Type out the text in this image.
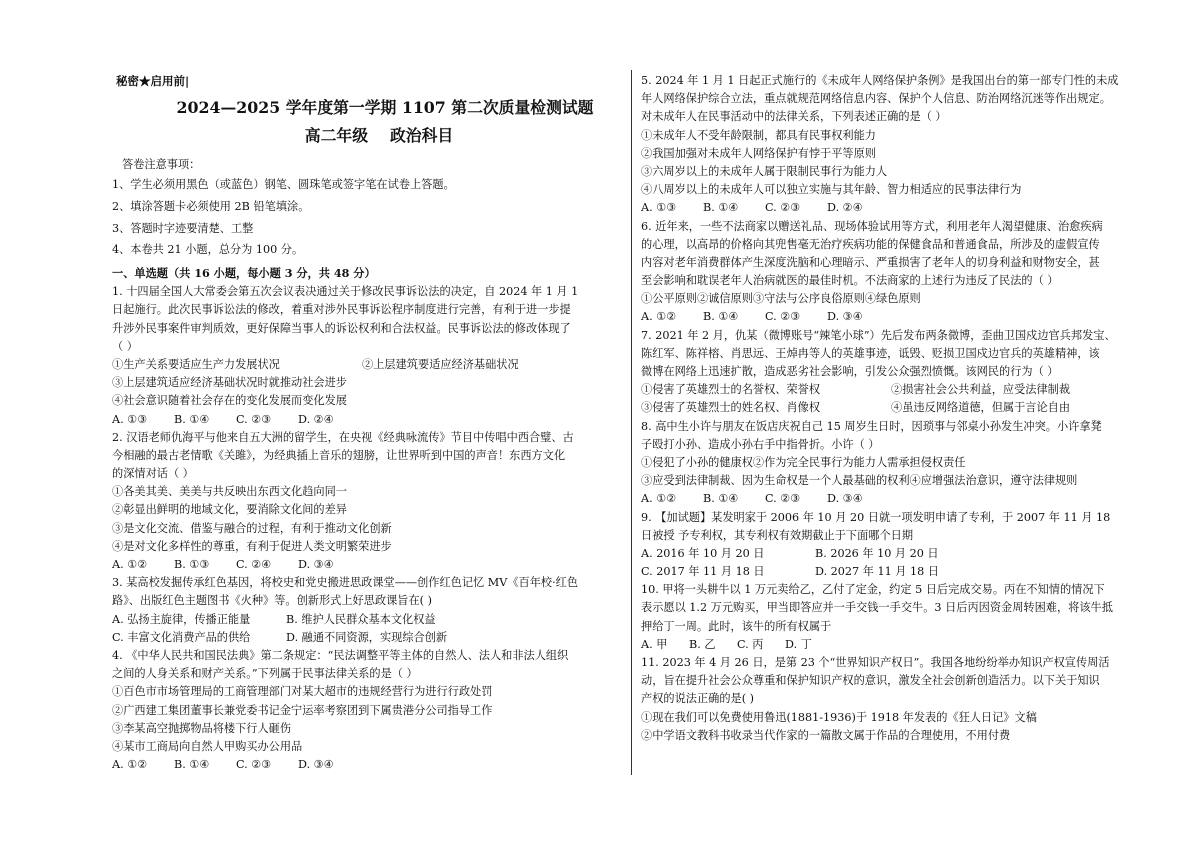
秘密★启用前|
2024—2025 学年度第一学期 1107 第二次质量检测试题
高二年级 政治科目
答卷注意事项：
1、学生必须用黑色（或蓝色）钢笔、圆珠笔或签字笔在试卷上答题。
2、填涂答题卡必须使用 2B 铅笔填涂。
3、答题时字迹要清楚、工整
4、本卷共 21 小题，总分为 100 分。
一、单选题（共 16 小题，每小题 3 分，共 48 分）
1. 十四届全国人大常委会第五次会议表决通过关于修改民事诉讼法的决定，自 2024 年 1 月 1
日起施行。此次民事诉讼法的修改，着重对涉外民事诉讼程序制度进行完善，有利于进一步提
升涉外民事案件审判质效，更好保障当事人的诉讼权利和合法权益。民事诉讼法的修改体现了
（ ）
①生产关系要适应生产力发展状况	②上层建筑要适应经济基础状况
③上层建筑适应经济基础状况时就推动社会进步
④社会意识随着社会存在的变化发展而变化发展
A. ①③	B. ①④	C. ②③	D. ②④
2. 汉语老师仇海平与他来自五大洲的留学生，在央视《经典咏流传》节目中传唱中西合璧、古
今相融的最古老情歌《关雎》，为经典插上音乐的翅膀，让世界听到中国的声音！东西方文化
的深情对话（ ）
①各美其美、美美与共反映出东西文化趋向同一
②彰显出鲜明的地域文化，要消除文化间的差异
③是文化交流、借鉴与融合的过程，有利于推动文化创新
④是对文化多样性的尊重，有利于促进人类文明繁荣进步
A. ①②	B. ①③	C. ②④	D. ③④
3. 某高校发掘传承红色基因，将校史和党史搬进思政课堂——创作红色记忆 MV《百年校·红色
路》、出版红色主题图书《火种》等。创新形式上好思政课旨在( )
A. 弘扬主旋律，传播正能量	B. 维护人民群众基本文化权益
C. 丰富文化消费产品的供给	D. 融通不同资源，实现综合创新
4. 《中华人民共和国民法典》第二条规定：“民法调整平等主体的自然人、法人和非法人组织
之间的人身关系和财产关系。”下列属于民事法律关系的是（ ）
①百色市市场管理局的工商管理部门对某大超市的违规经营行为进行行政处罚
②广西建工集团董事长兼党委书记金宁运率考察团到下属贵港分公司指导工作
③李某高空抛掷物品将楼下行人砸伤
④某市工商局向自然人甲购买办公用品
A. ①②	B. ①④	C. ②③	D. ③④
5. 2024 年 1 月 1 日起正式施行的《未成年人网络保护条例》是我国出台的第一部专门性的未成
年人网络保护综合立法，重点就规范网络信息内容、保护个人信息、防治网络沉迷等作出规定。
对未成年人在民事活动中的法律关系，下列表述正确的是（ ）
①未成年人不受年龄限制，都具有民事权利能力
②我国加强对未成年人网络保护有悖于平等原则
③六周岁以上的未成年人属于限制民事行为能力人
④八周岁以上的未成年人可以独立实施与其年龄、智力相适应的民事法律行为
A. ①③	B. ①④	C. ②③	D. ②④
6. 近年来，一些不法商家以赠送礼品、现场体验试用等方式，利用老年人渴望健康、治愈疾病
的心理，以高昂的价格向其兜售毫无治疗疾病功能的保健食品和普通食品，所涉及的虚假宣传
内容对老年消费群体产生深度洗脑和心理暗示、严重损害了老年人的切身利益和财物安全，甚
至会影响和耽误老年人治病就医的最佳时机。不法商家的上述行为违反了民法的（ ）
①公平原则②诚信原则③守法与公序良俗原则④绿色原则
A. ①②	B. ①④	C. ②③	D. ③④
7. 2021 年 2 月，仇某（微博账号“辣笔小球”）先后发布两条微博，歪曲卫国戍边官兵邦发宝、
陈红军、陈祥榕、肖思远、王焯冉等人的英雄事迹，诋毁、贬损卫国戍边官兵的英雄精神，该
微博在网络上迅速扩散，造成恶劣社会影响，引发公众强烈愤慨。该网民的行为（ ）
①侵害了英雄烈士的名誉权、荣誉权	②损害社会公共利益，应受法律制裁
③侵害了英雄烈士的姓名权、肖像权	④虽违反网络道德，但属于言论自由
8. 高中生小许与朋友在饭店庆祝自己 15 周岁生日时，因琐事与邻桌小孙发生冲突。小许拿凳
子殴打小孙、造成小孙右手中指骨折。小许（ ）
①侵犯了小孙的健康权②作为完全民事行为能力人需承担侵权责任
③应受到法律制裁、因为生命权是一个人最基础的权利④应增强法治意识，遵守法律规则
A. ①②	B. ①④	C. ②③	D. ③④
9. 【加试题】某发明家于 2006 年 10 月 20 日就一项发明申请了专利，于 2007 年 11 月 18
日被授 予专利权，其专利权有效期截止于下面哪个日期
A. 2016 年 10 月 20 日	B. 2026 年 10 月 20 日
C. 2017 年 11 月 18 日	D. 2027 年 11 月 18 日
10. 甲将一头耕牛以 1 万元卖给乙，乙付了定金，约定 5 日后完成交易。丙在不知情的情况下
表示愿以 1.2 万元购买，甲当即答应并一手交钱一手交牛。3 日后丙因资金周转困难，将该牛抵
押给丁一周。此时，该牛的所有权属于
A. 甲	B. 乙	C. 丙	D. 丁
11. 2023 年 4 月 26 日，是第 23 个“世界知识产权日”。我国各地纷纷举办知识产权宣传周活
动，旨在提升社会公众尊重和保护知识产权的意识，激发全社会创新创造活力。以下关于知识
产权的说法正确的是( )
①现在我们可以免费使用鲁迅(1881-1936)于 1918 年发表的《狂人日记》文稿
②中学语文教科书收录当代作家的一篇散文属于作品的合理使用，不用付费
